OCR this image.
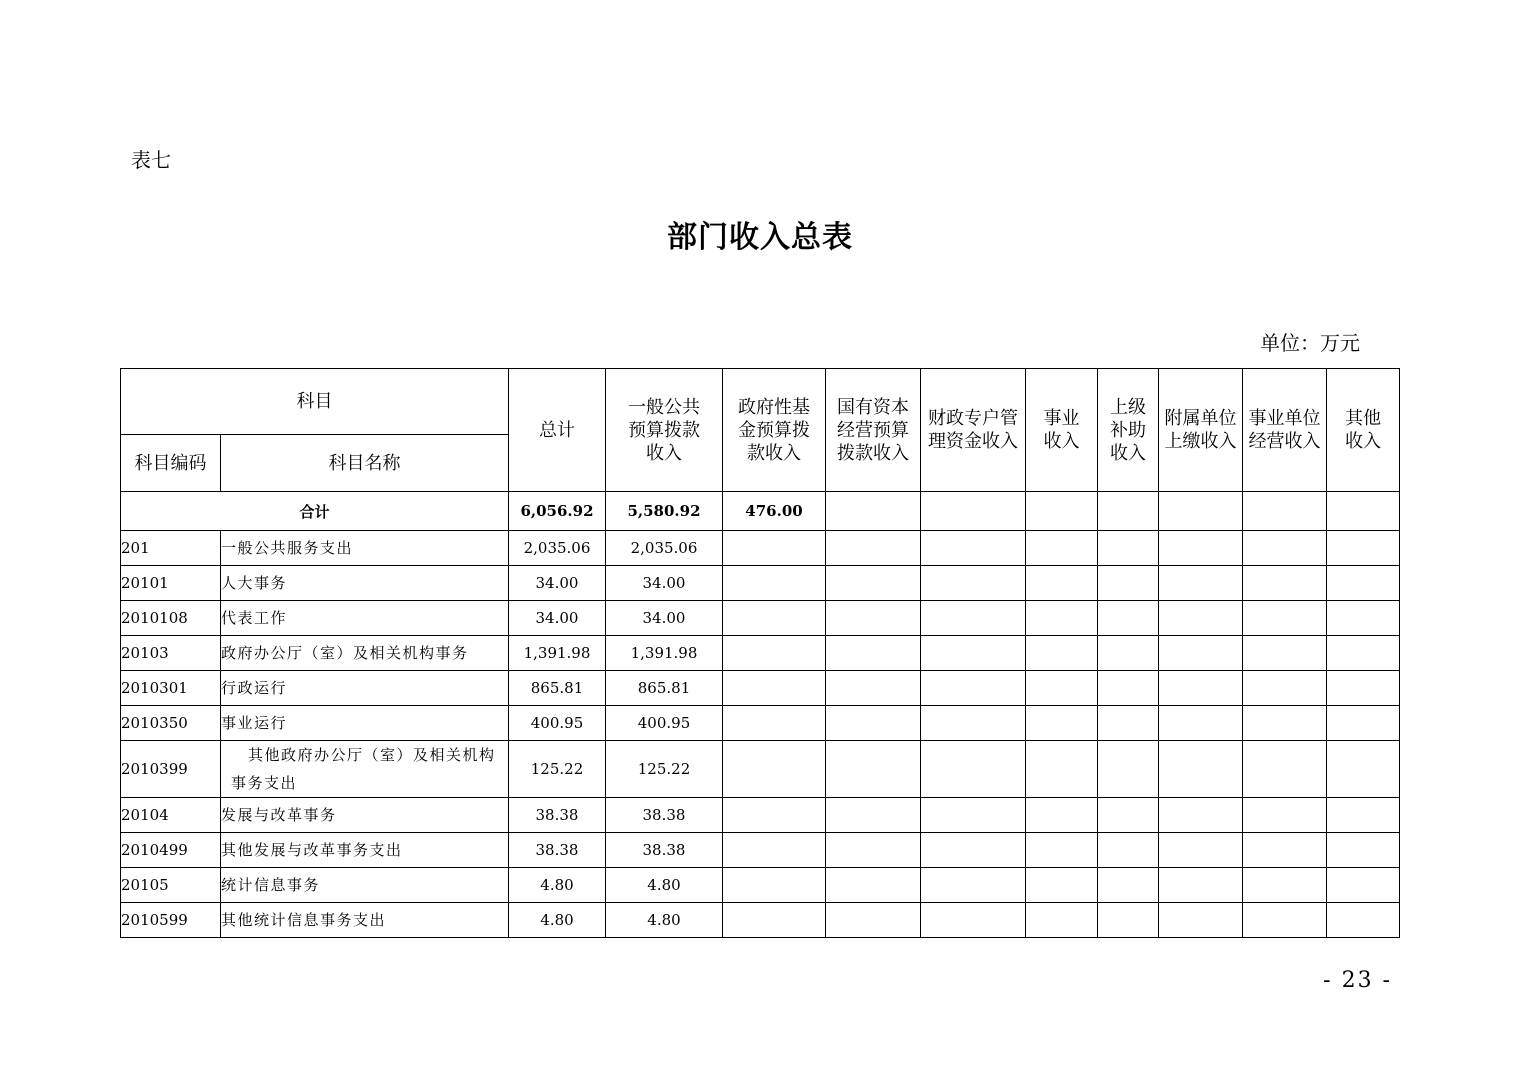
表七
部门收入总表
单位：万元
科目		总计	一般公共预算拨款收入	政府性基金预算拨款收入	国有资本经营预算拨款收入	财政专户管理资金收入	事业收入	上级补助收入	附属单位上缴收入	事业单位经营收入	其他收入
科目编码	科目名称										
合计		6,056.92	5,580.92	476.00							
201	一般公共服务支出	2,035.06	2,035.06								
20101	人大事务	34.00	34.00								
2010108	代表工作	34.00	34.00								
20103	政府办公厅（室）及相关机构事务	1,391.98	1,391.98								
2010301	行政运行	865.81	865.81								
2010350	事业运行	400.95	400.95								
2010399	其他政府办公厅（室）及相关机构事务支出	125.22	125.22								
20104	发展与改革事务	38.38	38.38								
2010499	其他发展与改革事务支出	38.38	38.38								
20105	统计信息事务	4.80	4.80								
2010599	其他统计信息事务支出	4.80	4.80								
- 23 -
